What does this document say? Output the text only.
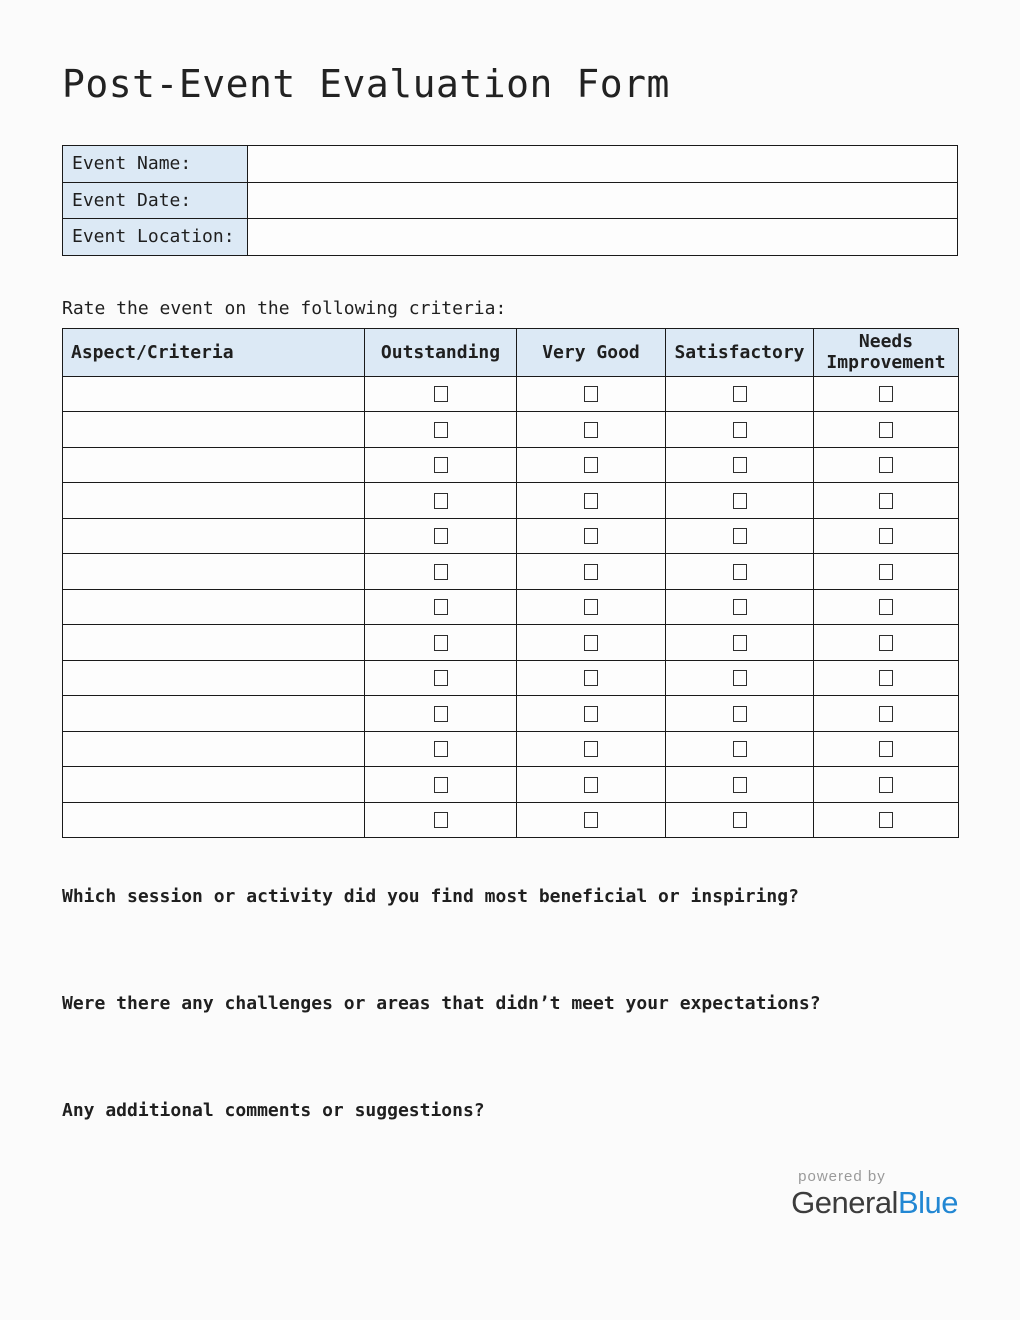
Post-Event Evaluation Form
Event Name:	
Event Date:	
Event Location:	

Rate the event on the following criteria:

Aspect/Criteria	Outstanding	Very Good	Satisfactory	Needs Improvement

Which session or activity did you find most beneficial or inspiring?

Were there any challenges or areas that didn’t meet your expectations?

Any additional comments or suggestions?

powered by
GeneralBlue
